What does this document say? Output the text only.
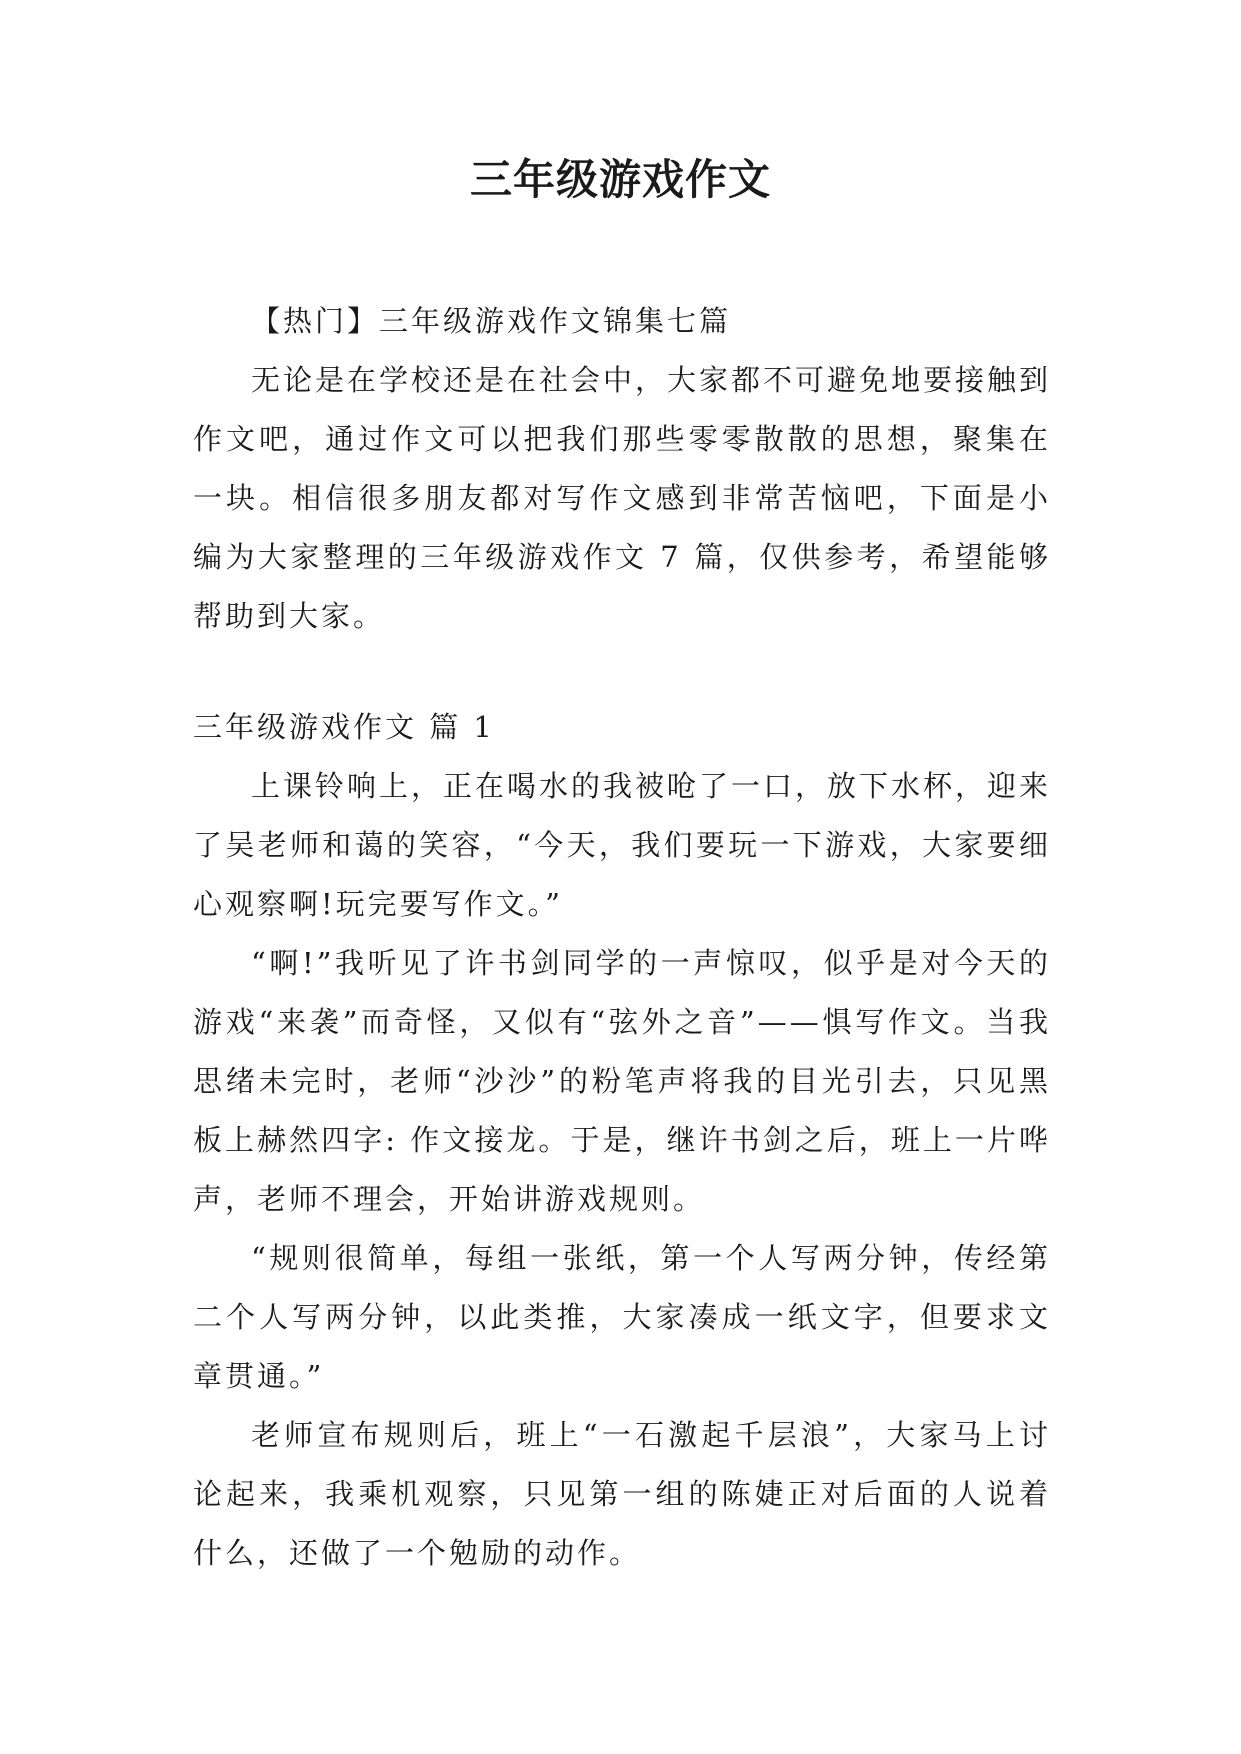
三年级游戏作文

【热门】三年级游戏作文锦集七篇

无论是在学校还是在社会中，大家都不可避免地要接触到作文吧，通过作文可以把我们那些零零散散的思想，聚集在一块。相信很多朋友都对写作文感到非常苦恼吧，下面是小编为大家整理的三年级游戏作文 7 篇，仅供参考，希望能够帮助到大家。

三年级游戏作文 篇 1

上课铃响上，正在喝水的我被呛了一口，放下水杯，迎来了吴老师和蔼的笑容，“今天，我们要玩一下游戏，大家要细心观察啊!玩完要写作文。”

“啊!”我听见了许书剑同学的一声惊叹，似乎是对今天的游戏“来袭”而奇怪，又似有“弦外之音”——惧写作文。当我思绪未完时，老师“沙沙”的粉笔声将我的目光引去，只见黑板上赫然四字: 作文接龙。于是，继许书剑之后，班上一片哗声，老师不理会，开始讲游戏规则。

“规则很简单，每组一张纸，第一个人写两分钟，传经第二个人写两分钟，以此类推，大家凑成一纸文字，但要求文章贯通。”

老师宣布规则后，班上“一石激起千层浪”，大家马上讨论起来，我乘机观察，只见第一组的陈婕正对后面的人说着什么，还做了一个勉励的动作。
